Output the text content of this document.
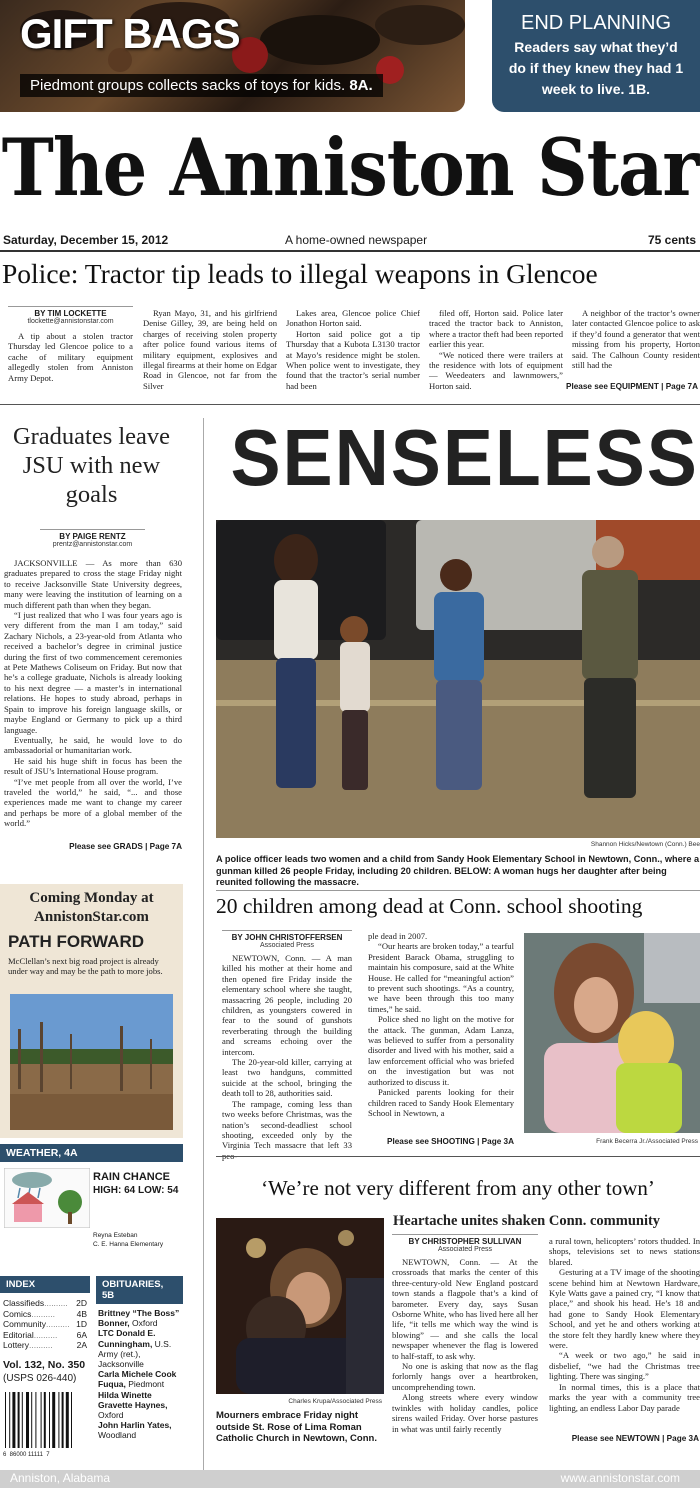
GIFT BAGS
Piedmont groups collects sacks of toys for kids. 8A.
END PLANNING
Readers say what they’d do if they knew they had 1 week to live. 1B.
The Anniston Star
Saturday, December 15, 2012	A home-owned newspaper	75 cents
Police: Tractor tip leads to illegal weapons in Glencoe
BY TIM LOCKETTE
tlockette@annistonstar.com

A tip about a stolen tractor Thursday led Glencoe police to a cache of military equipment allegedly stolen from Anniston Army Depot.

Ryan Mayo, 31, and his girlfriend Denise Gilley, 39, are being held on charges of receiving stolen property after police found various items of military equipment, explosives and illegal firearms at their home on Edgar Road in Glencoe, not far from the Silver

Lakes area, Glencoe police Chief Jonathon Horton said.

Horton said police got a tip Thursday that a Kubota L3130 tractor at Mayo’s residence might be stolen. When police went to investigate, they found that the tractor’s serial number had been

filed off, Horton said. Police later traced the tractor back to Anniston, where a tractor theft had been reported earlier this year.

“We noticed there were trailers at the residence with lots of equipment — Weedeaters and lawnmowers,” Horton said.

A neighbor of the tractor’s owner later contacted Glencoe police to ask if they’d found a generator that went missing from his property, Horton said. The Calhoun County resident still had the

Please see EQUIPMENT | Page 7A
Graduates leave JSU with new goals
BY PAIGE RENTZ
prentz@annistonstar.com

JACKSONVILLE — As more than 630 graduates prepared to cross the stage Friday night to receive Jacksonville State University degrees, many were leaving the institution of learning on a much different path than when they began.

“I just realized that who I was four years ago is very different from the man I am today,” said Zachary Nichols, a 23-year-old from Atlanta who received a bachelor’s degree in criminal justice during the first of two commencement ceremonies at Pete Mathews Coliseum on Friday. But now that he’s a college graduate, Nichols is already looking to his next degree — a master’s in international relations. He hopes to study abroad, perhaps in Spain to improve his foreign language skills, or maybe England or Germany to pick up a third language.

Eventually, he said, he would love to do ambassadorial or humanitarian work.

He said his huge shift in focus has been the result of JSU’s International House program.

“I’ve met people from all over the world, I’ve traveled the world,” he said, “... and those experiences made me want to change my career and perhaps be more of a global member of the world.”

Please see GRADS | Page 7A
Coming Monday at AnnistonStar.com
PATH FORWARD
McClellan’s next big road project is already under way and may be the path to more jobs.
WEATHER, 4A
RAIN CHANCE
HIGH: 64 LOW: 54
Reyna Esteban
C. E. Hanna Elementary
INDEX
Classifieds .......... 2D
Comics ..........	4B
Community .......... 1D
Editorial ..........	6A
Lottery ..........	2A
Vol. 132, No. 350
(USPS 026-440)
6  86000 11111  7
OBITUARIES, 5B
Brittney “The Boss” Bonner, Oxford
LTC Donald E. Cunningham, U.S. Army (ret.), Jacksonville
Carla Michele Cook Fuqua, Piedmont
Hilda Winette Gravette Haynes, Oxford
John Harlin Yates, Woodland
SENSELESS
Shannon Hicks/Newtown (Conn.) Bee
A police officer leads two women and a child from Sandy Hook Elementary School in Newtown, Conn., where a gunman killed 26 people Friday, including 20 children. BELOW: A woman hugs her daughter after being reunited following the massacre.
20 children among dead at Conn. school shooting
BY JOHN CHRISTOFFERSEN
Associated Press

NEWTOWN, Conn. — A man killed his mother at their home and then opened fire Friday inside the elementary school where she taught, massacring 26 people, including 20 children, as youngsters cowered in fear to the sound of gunshots reverberating through the building and screams echoing over the intercom.

The 20-year-old killer, carrying at least two handguns, committed suicide at the school, bringing the death toll to 28, authorities said.

The rampage, coming less than two weeks before Christmas, was the nation’s second-deadliest school shooting, exceeded only by the Virginia Tech massacre that left 33

ple dead in 2007.

“Our hearts are broken today,” a tearful President Barack Obama, struggling to maintain his composure, said at the White House. He called for “meaningful action” to prevent such shootings. “As a country, we have been through this too many times,” he said.

Police shed no light on the motive for the attack. The gunman, Adam Lanza, was believed to suffer from a personality disorder and lived with his mother, said a law enforcement official who was briefed on the investigation but was not authorized to discuss it.

Panicked parents looking for their children raced to Sandy Hook Elementary School in Newtown, a

Please see SHOOTING | Page 3A	Frank Becerra Jr./Associated Press
‘We’re not very different from any other town’
Charles Krupa/Associated Press
Mourners embrace Friday night outside St. Rose of Lima Roman Catholic Church in Newtown, Conn.
Heartache unites shaken Conn. community
BY CHRISTOPHER SULLIVAN
Associated Press

NEWTOWN, Conn. — At the crossroads that marks the center of this three-century-old New England postcard town stands a flagpole that’s a kind of barometer. Every day, says Susan Osborne White, who has lived here all her life, “it tells me which way the wind is blowing” — and she calls the local newspaper whenever the flag is lowered to half-staff, to ask why.

No one is asking that now as the flag forlornly hangs over a heartbroken, uncomprehending town.

Along streets where every window twinkles with holiday candles, police sirens wailed Friday. Over horse pastures in what was until fairly recently

a rural town, helicopters’ rotors thudded. In shops, televisions set to news stations blared.

Gesturing at a TV image of the shooting scene behind him at Newtown Hardware, Kyle Watts gave a pained cry, “I know that place,” and shook his head. He’s 18 and had gone to Sandy Hook Elementary School, and yet he and others working at the store felt they hardly knew where they were.

“A week or two ago,” he said in disbelief, “we had the Christmas tree lighting. There was singing.”

In normal times, this is a place that marks the year with a community tree lighting, an endless Labor Day parade

Please see NEWTOWN | Page 3A
Anniston, Alabama	www.annistonstar.com
